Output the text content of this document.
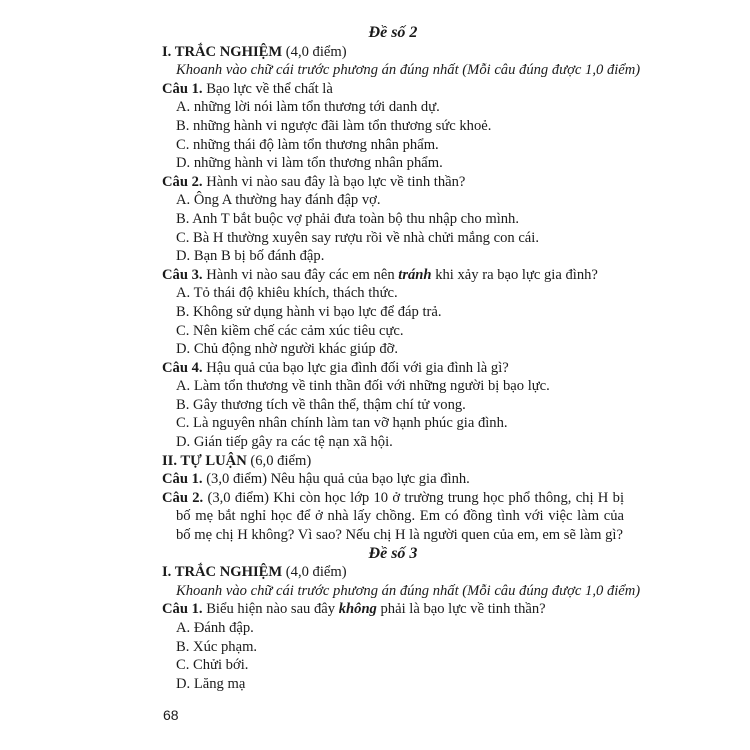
Đề số 2
I. TRẮC NGHIỆM (4,0 điểm)
Khoanh vào chữ cái trước phương án đúng nhất (Mỗi câu đúng được 1,0 điểm)
Câu 1. Bạo lực về thể chất là
A. những lời nói làm tổn thương tới danh dự.
B. những hành vi ngược đãi làm tổn thương sức khoẻ.
C. những thái độ làm tổn thương nhân phẩm.
D. những hành vi làm tổn thương nhân phẩm.
Câu 2. Hành vi nào sau đây là bạo lực về tinh thần?
A. Ông A thường hay đánh đập vợ.
B. Anh T bắt buộc vợ phải đưa toàn bộ thu nhập cho mình.
C. Bà H thường xuyên say rượu rồi về nhà chửi mắng con cái.
D. Bạn B bị bố đánh đập.
Câu 3. Hành vi nào sau đây các em nên tránh khi xảy ra bạo lực gia đình?
A. Tỏ thái độ khiêu khích, thách thức.
B. Không sử dụng hành vi bạo lực để đáp trả.
C. Nên kiềm chế các cảm xúc tiêu cực.
D. Chủ động nhờ người khác giúp đỡ.
Câu 4. Hậu quả của bạo lực gia đình đối với gia đình là gì?
A. Làm tổn thương về tinh thần đối với những người bị bạo lực.
B. Gây thương tích về thân thể, thậm chí tử vong.
C. Là nguyên nhân chính làm tan vỡ hạnh phúc gia đình.
D. Gián tiếp gây ra các tệ nạn xã hội.
II. TỰ LUẬN (6,0 điểm)
Câu 1. (3,0 điểm) Nêu hậu quả của bạo lực gia đình.
Câu 2. (3,0 điểm) Khi còn học lớp 10 ở trường trung học phổ thông, chị H bị bố mẹ bắt nghỉ học để ở nhà lấy chồng. Em có đồng tình với việc làm của bố mẹ chị H không? Vì sao? Nếu chị H là người quen của em, em sẽ làm gì?
Đề số 3
I. TRẮC NGHIỆM (4,0 điểm)
Khoanh vào chữ cái trước phương án đúng nhất (Mỗi câu đúng được 1,0 điểm)
Câu 1. Biểu hiện nào sau đây không phải là bạo lực về tinh thần?
A. Đánh đập.
B. Xúc phạm.
C. Chửi bới.
D. Lăng mạ
68
